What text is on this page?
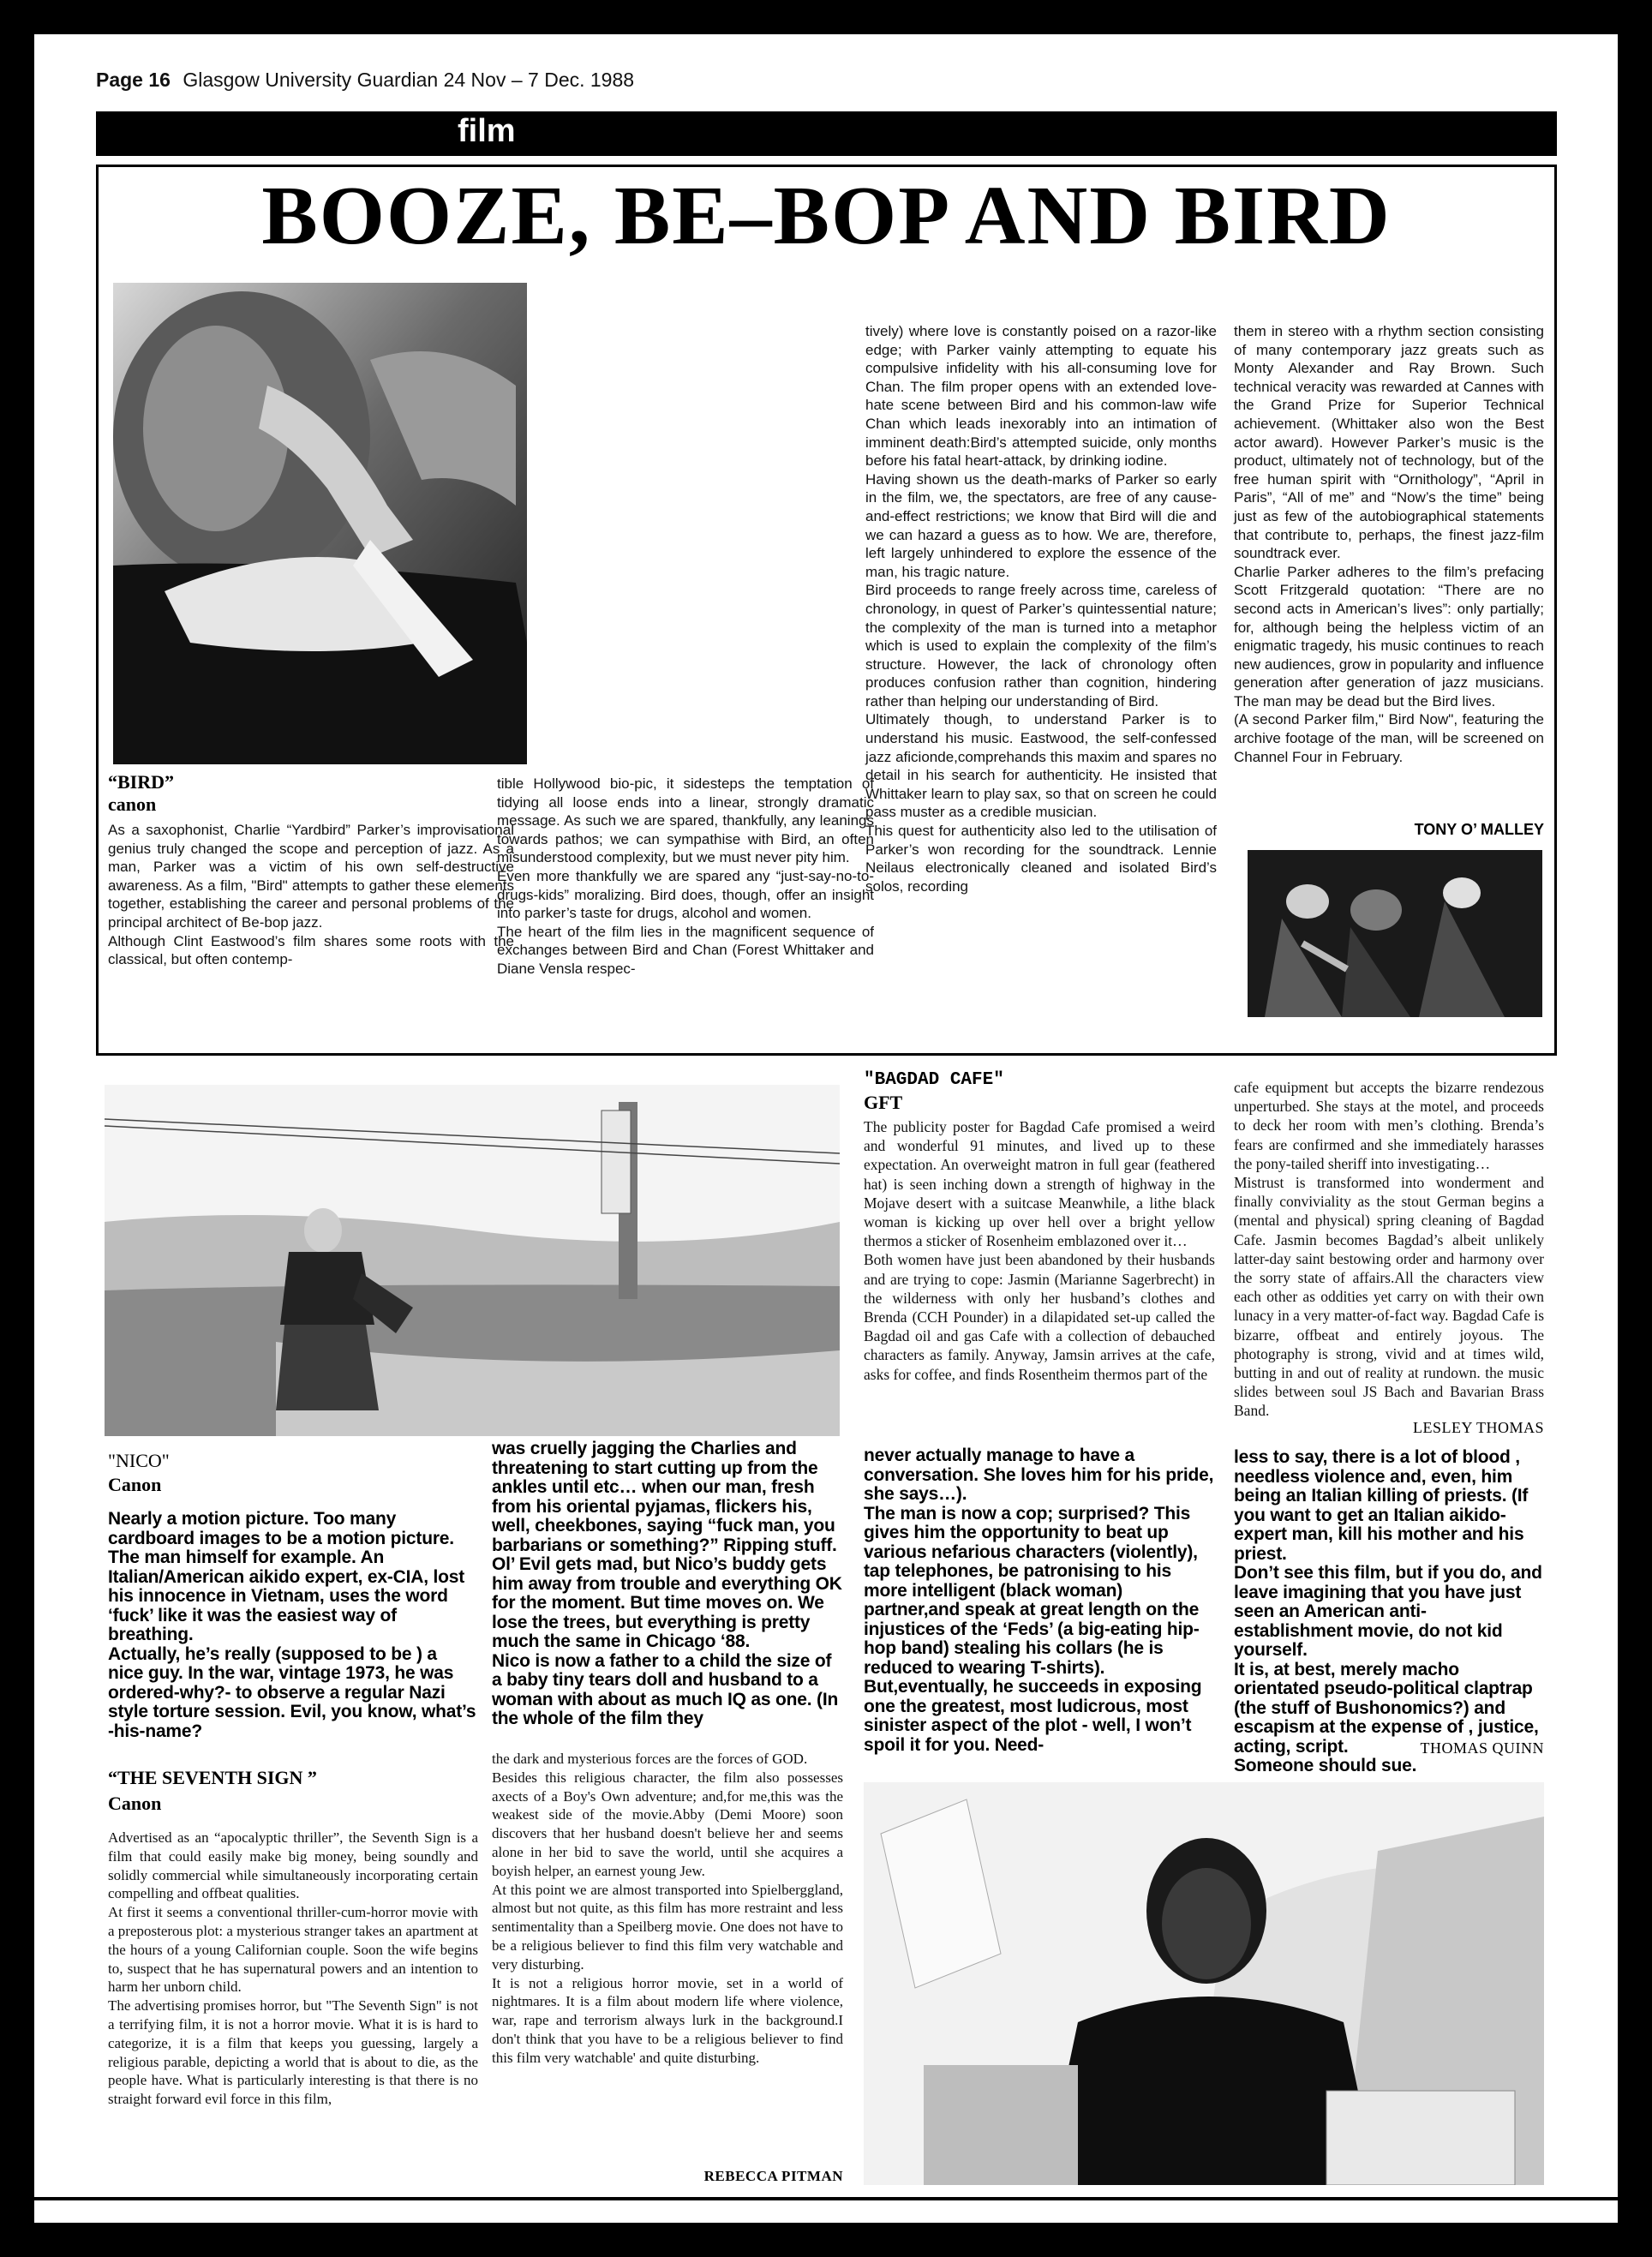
Page 16 Glasgow University Guardian 24 Nov – 7 Dec. 1988
film
BOOZE, BE–BOP AND BIRD
“BIRD”
canon

As a saxophonist, Charlie “Yardbird” Parker’s improvisational genius truly changed the scope and perception of jazz. As a man, Parker was a victim of his own self-destructive awareness. As a film, "Bird" attempts to gather these elements together, establishing the career and personal problems of the principal architect of Be-bop jazz.

Although Clint Eastwood’s film shares some roots with the classical, but often contemp-

tible Hollywood bio-pic, it sidesteps the temptation of tidying all loose ends into a linear, strongly dramatic message. As such we are spared, thankfully, any leanings towards pathos; we can sympathise with Bird, an often misunderstood complexity, but we must never pity him.

Even more thankfully we are spared any “just-say-no-to-drugs-kids” moralizing. Bird does, though, offer an insight into parker’s taste for drugs, alcohol and women.

The heart of the film lies in the magnificent sequence of exchanges between Bird and Chan (Forest Whittaker and Diane Vensla respec-

tively) where love is constantly poised on a razor-like edge; with Parker vainly attempting to equate his compulsive infidelity with his all-consuming love for Chan. The film proper opens with an extended love-hate scene between Bird and his common-law wife Chan which leads inexorably into an intimation of imminent death:Bird’s attempted suicide, only months before his fatal heart-attack, by drinking iodine.

Having shown us the death-marks of Parker so early in the film, we, the spectators, are free of any cause-and-effect restrictions; we know that Bird will die and we can hazard a guess as to how. We are, therefore, left largely unhindered to explore the essence of the man, his tragic nature.

Bird proceeds to range freely across time, careless of chronology, in quest of Parker’s quintessential nature; the complexity of the man is turned into a metaphor which is used to explain the complexity of the film’s structure. However, the lack of chronology often produces confusion rather than cognition, hindering rather than helping our understanding of Bird.

Ultimately though, to understand Parker is to understand his music. Eastwood, the self-confessed jazz aficionde,comprehands this maxim and spares no detail in his search for authenticity. He insisted that Whittaker learn to play sax, so that on screen he could pass muster as a credible musician.

This quest for authenticity also led to the utilisation of Parker’s won recording for the soundtrack. Lennie Neilaus electronically cleaned and isolated Bird’s solos, recording

them in stereo with a rhythm section consisting of many contemporary jazz greats such as Monty Alexander and Ray Brown. Such technical veracity was rewarded at Cannes with the Grand Prize for Superior Technical achievement. (Whittaker also won the Best actor award). However Parker’s music is the product, ultimately not of technology, but of the free human spirit with “Ornithology”, “April in Paris”, “All of me” and “Now’s the time” being just as few of the autobiographical statements that contribute to, perhaps, the finest jazz-film soundtrack ever.

Charlie Parker adheres to the film’s prefacing Scott Fritzgerald quotation: “There are no second acts in American’s lives”: only partially; for, although being the helpless victim of an enigmatic tragedy, his music continues to reach new audiences, grow in popularity and influence generation after generation of jazz musicians. The man may be dead but the Bird lives.

(A second Parker film," Bird Now", featuring the archive footage of the man, will be screened on Channel Four in February.

TONY O’ MALLEY
"BAGDAD CAFE"
GFT

The publicity poster for Bagdad Cafe promised a weird and wonderful 91 minutes, and lived up to these expectation. An overweight matron in full gear (feathered hat) is seen inching down a strength of highway in the Mojave desert with a suitcase Meanwhile, a lithe black woman is kicking up over hell over a bright yellow thermos a sticker of Rosenheim emblazoned over it…

Both women have just been abandoned by their husbands and are trying to cope: Jasmin (Marianne Sagerbrecht) in the wilderness with only her husband’s clothes and Brenda (CCH Pounder) in a dilapidated set-up called the Bagdad oil and gas Cafe with a collection of debauched characters as family. Anyway, Jamsin arrives at the cafe, asks for coffee, and finds Rosentheim thermos part of the

cafe equipment but accepts the bizarre rendezous unperturbed. She stays at the motel, and proceeds to deck her room with men’s clothing. Brenda’s fears are confirmed and she immediately harasses the pony-tailed sheriff into investigating…

Mistrust is transformed into wonderment and finally conviviality as the stout German begins a (mental and physical) spring cleaning of Bagdad Cafe. Jasmin becomes Bagdad’s albeit unlikely latter-day saint bestowing order and harmony over the sorry state of affairs.All the characters view each other as oddities yet carry on with their own lunacy in a very matter-of-fact way. Bagdad Cafe is bizarre, offbeat and entirely joyous. The photography is strong, vivid and at times wild, butting in and out of reality at rundown. the music slides between soul JS Bach and Bavarian Brass Band.

LESLEY THOMAS
"NICO"
Canon

Nearly a motion picture. Too many cardboard images to be a motion picture.

The man himself for example. An Italian/American aikido expert, ex-CIA, lost his innocence in Vietnam, uses the word ‘fuck’ like it was the easiest way of breathing.

Actually, he’s really (supposed to be ) a nice guy. In the war, vintage 1973, he was ordered-why?- to observe a regular Nazi style torture session. Evil, you know, what’s -his-name?

was cruelly jagging the Charlies and threatening to start cutting up from the ankles until etc… when our man, fresh from his oriental pyjamas, flickers his, well, cheekbones, saying “fuck man, you barbarians or something?” Ripping stuff.

Ol’ Evil gets mad, but Nico’s buddy gets him away from trouble and everything OK for the moment. But time moves on. We lose the trees, but everything is pretty much the same in Chicago ‘88.

Nico is now a father to a child the size of a baby tiny tears doll and husband to a woman with about as much IQ as one. (In the whole of the film they

never actually manage to have a conversation. She loves him for his pride, she says…).

The man is now a cop; surprised? This gives him the opportunity to beat up various nefarious characters (violently), tap telephones, be patronising to his more intelligent (black woman) partner,and speak at great length on the injustices of the ‘Feds’ (a big-eating hip-hop band) stealing his collars (he is reduced to wearing T-shirts).

But,eventually, he succeeds in exposing one the greatest, most ludicrous, most sinister aspect of the plot - well, I won’t spoil it for you. Need-

less to say, there is a lot of blood , needless violence and, even, him being an Italian killing of priests. (If you want to get an Italian aikido-expert man, kill his mother and his priest.

Don’t see this film, but if you do, and leave imagining that you have just seen an American anti-establishment movie, do not kid yourself.

It is, at best, merely macho orientated pseudo-political claptrap (the stuff of Bushonomics?) and escapism at the expense of , justice, acting, script.

Someone should sue.

THOMAS QUINN
“THE SEVENTH SIGN ”
Canon

Advertised as an “apocalyptic thriller”, the Seventh Sign is a film that could easily make big money, being soundly and solidly commercial while simultaneously incorporating certain compelling and offbeat qualities.

At first it seems a conventional thriller-cum-horror movie with a preposterous plot: a mysterious stranger takes an apartment at the hours of a young Californian couple. Soon the wife begins to, suspect that he has supernatural powers and an intention to harm her unborn child.

The advertising promises horror, but "The Seventh Sign" is not a terrifying film, it is not a horror movie. What it is is hard to categorize, it is a film that keeps you guessing, largely a religious parable, depicting a world that is about to die, as the people have. What is particularly interesting is that there is no straight forward evil force in this film,

the dark and mysterious forces are the forces of GOD.

Besides this religious character, the film also possesses axects of a Boy's Own adventure; and,for me,this was the weakest side of the movie.Abby (Demi Moore) soon discovers that her husband doesn't believe her and seems alone in her bid to save the world, until she acquires a boyish helper, an earnest young Jew.

At this point we are almost transported into Spielberggland, almost but not quite, as this film has more restraint and less sentimentality than a Speilberg movie. One does not have to be a religious believer to find this film very watchable and very disturbing.

It is not a religious horror movie, set in a world of nightmares. It is a film about modern life where violence, war, rape and terrorism always lurk in the background.I don't think that you have to be a religious believer to find this film very watchable' and quite disturbing.

REBECCA PITMAN
